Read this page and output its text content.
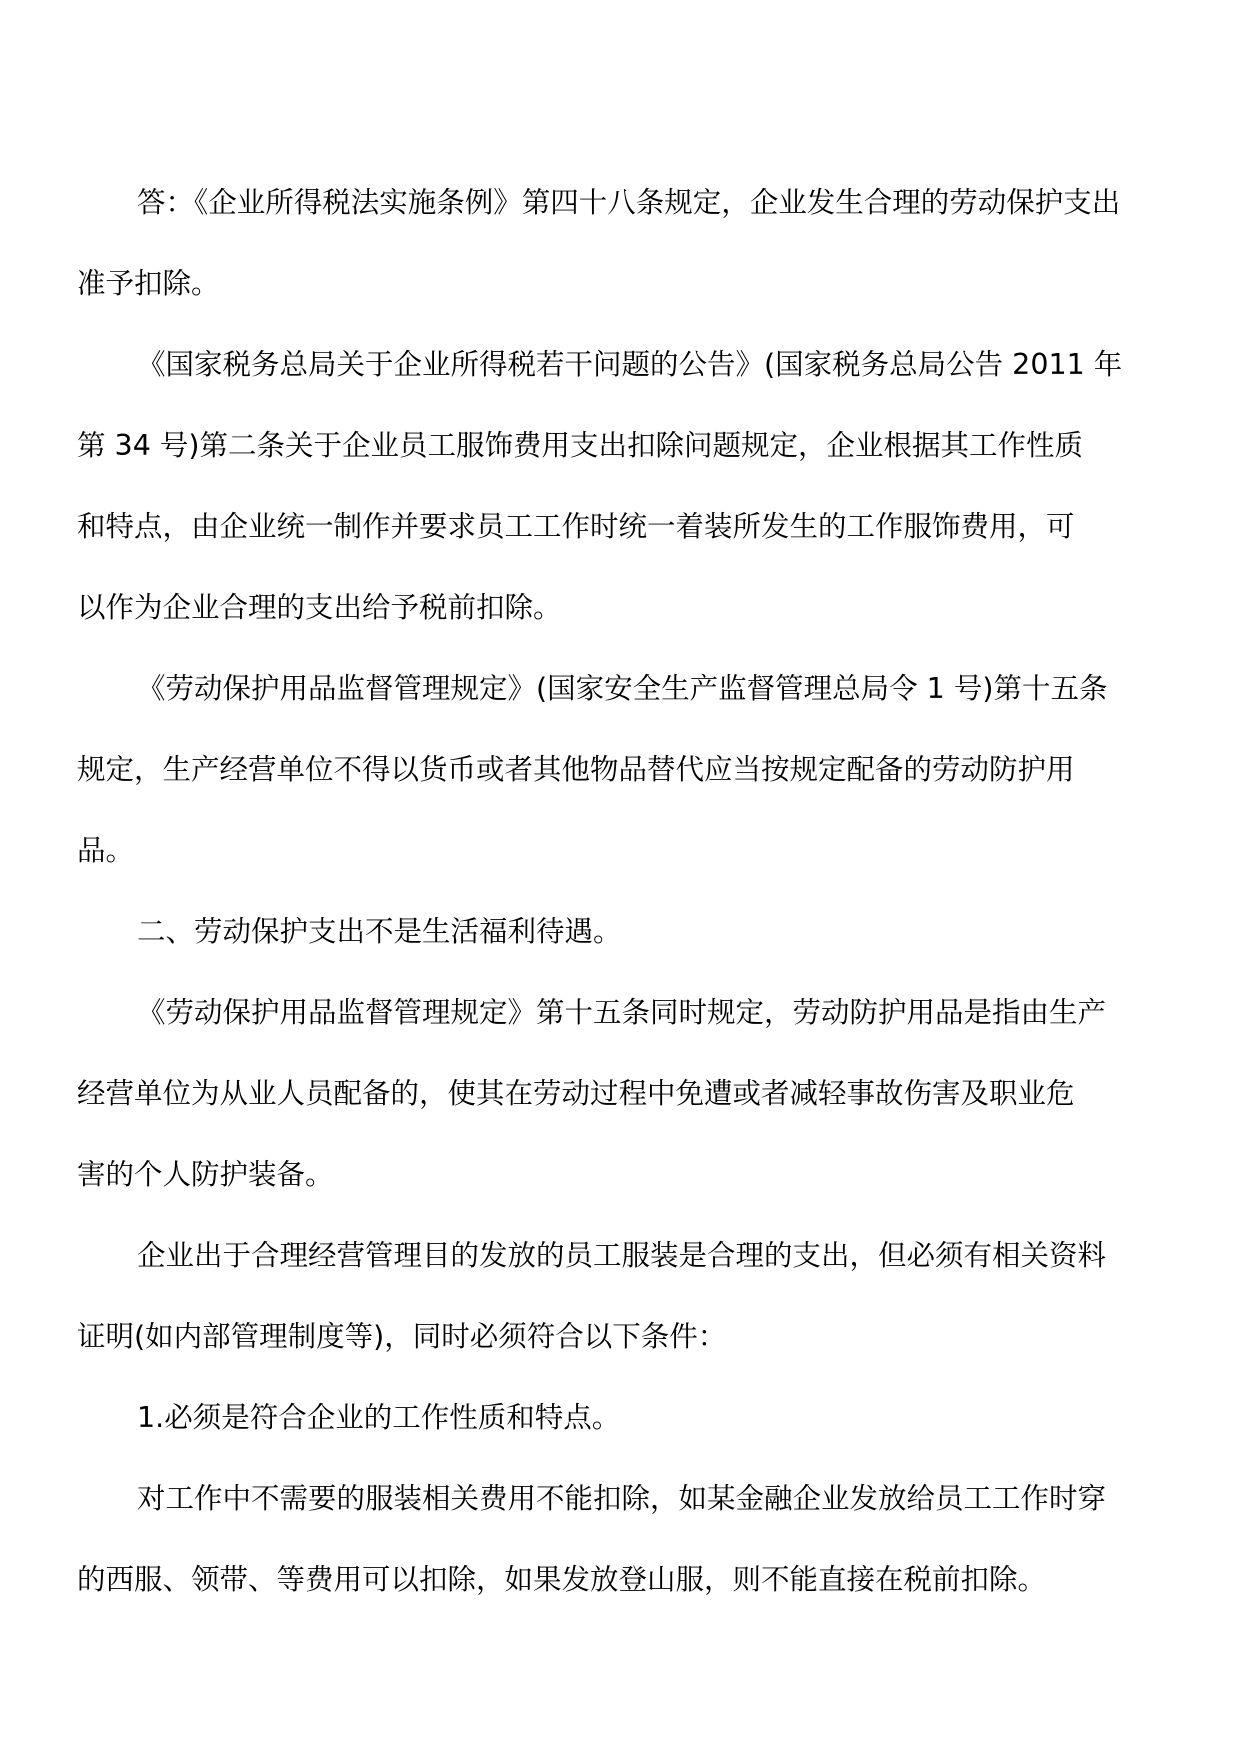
答：《企业所得税法实施条例》第四十八条规定，企业发生合理的劳动保护支出
准予扣除。

《国家税务总局关于企业所得税若干问题的公告》(国家税务总局公告 2011 年
第 34 号)第二条关于企业员工服饰费用支出扣除问题规定，企业根据其工作性质
和特点，由企业统一制作并要求员工工作时统一着装所发生的工作服饰费用，可
以作为企业合理的支出给予税前扣除。

《劳动保护用品监督管理规定》(国家安全生产监督管理总局令 1 号)第十五条
规定，生产经营单位不得以货币或者其他物品替代应当按规定配备的劳动防护用
品。

二、劳动保护支出不是生活福利待遇。

《劳动保护用品监督管理规定》第十五条同时规定，劳动防护用品是指由生产
经营单位为从业人员配备的，使其在劳动过程中免遭或者减轻事故伤害及职业危
害的个人防护装备。

企业出于合理经营管理目的发放的员工服装是合理的支出，但必须有相关资料
证明(如内部管理制度等)，同时必须符合以下条件：

1.必须是符合企业的工作性质和特点。

对工作中不需要的服装相关费用不能扣除，如某金融企业发放给员工工作时穿
的西服、领带、等费用可以扣除，如果发放登山服，则不能直接在税前扣除。
